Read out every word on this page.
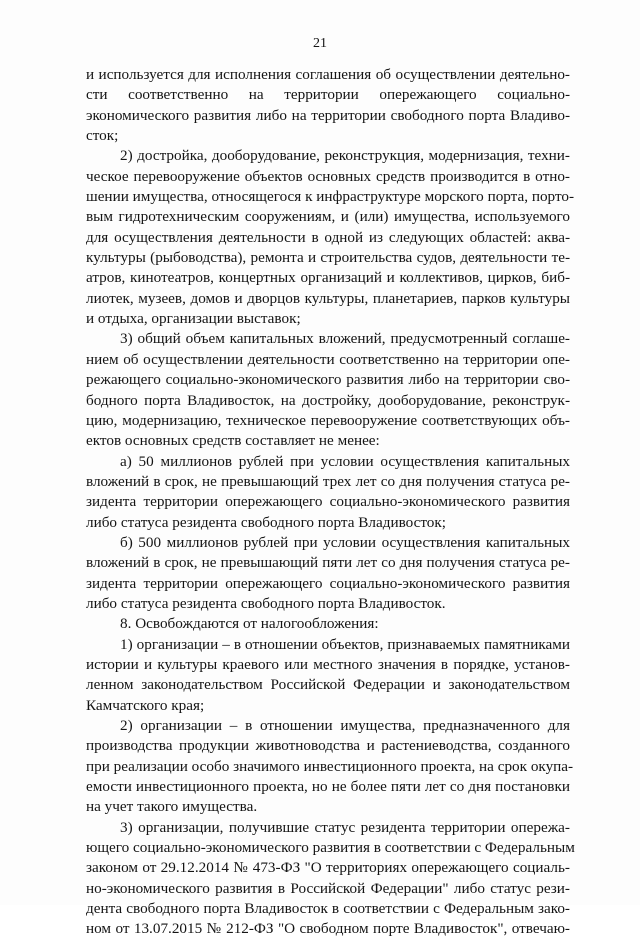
21
и используется для исполнения соглашения об осуществлении деятельно-
сти соответственно на территории опережающего социально-
экономического развития либо на территории свободного порта Владиво-
сток;
2) достройка, дооборудование, реконструкция, модернизация, техни-
ческое перевооружение объектов основных средств производится в отно-
шении имущества, относящегося к инфраструктуре морского порта, порто-
вым гидротехническим сооружениям, и (или) имущества, используемого
для осуществления деятельности в одной из следующих областей: аква-
культуры (рыбоводства), ремонта и строительства судов, деятельности те-
атров, кинотеатров, концертных организаций и коллективов, цирков, биб-
лиотек, музеев, домов и дворцов культуры, планетариев, парков культуры
и отдыха, организации выставок;
3) общий объем капитальных вложений, предусмотренный соглаше-
нием об осуществлении деятельности соответственно на территории опе-
режающего социально-экономического развития либо на территории сво-
бодного порта Владивосток, на достройку, дооборудование, реконструк-
цию, модернизацию, техническое перевооружение соответствующих объ-
ектов основных средств составляет не менее:
а) 50 миллионов рублей при условии осуществления капитальных
вложений в срок, не превышающий трех лет со дня получения статуса ре-
зидента территории опережающего социально-экономического развития
либо статуса резидента свободного порта Владивосток;
б) 500 миллионов рублей при условии осуществления капитальных
вложений в срок, не превышающий пяти лет со дня получения статуса ре-
зидента территории опережающего социально-экономического развития
либо статуса резидента свободного порта Владивосток.
8. Освобождаются от налогообложения:
1) организации – в отношении объектов, признаваемых памятниками
истории и культуры краевого или местного значения в порядке, установ-
ленном законодательством Российской Федерации и законодательством
Камчатского края;
2) организации – в отношении имущества, предназначенного для
производства продукции животноводства и растениеводства, созданного
при реализации особо значимого инвестиционного проекта, на срок окупа-
емости инвестиционного проекта, но не более пяти лет со дня постановки
на учет такого имущества.
3) организации, получившие статус резидента территории опережа-
ющего социально-экономического развития в соответствии с Федеральным
законом от 29.12.2014 № 473-ФЗ "О территориях опережающего социаль-
но-экономического развития в Российской Федерации" либо статус рези-
дента свободного порта Владивосток в соответствии с Федеральным зако-
ном от 13.07.2015 № 212-ФЗ "О свободном порте Владивосток", отвечаю-
